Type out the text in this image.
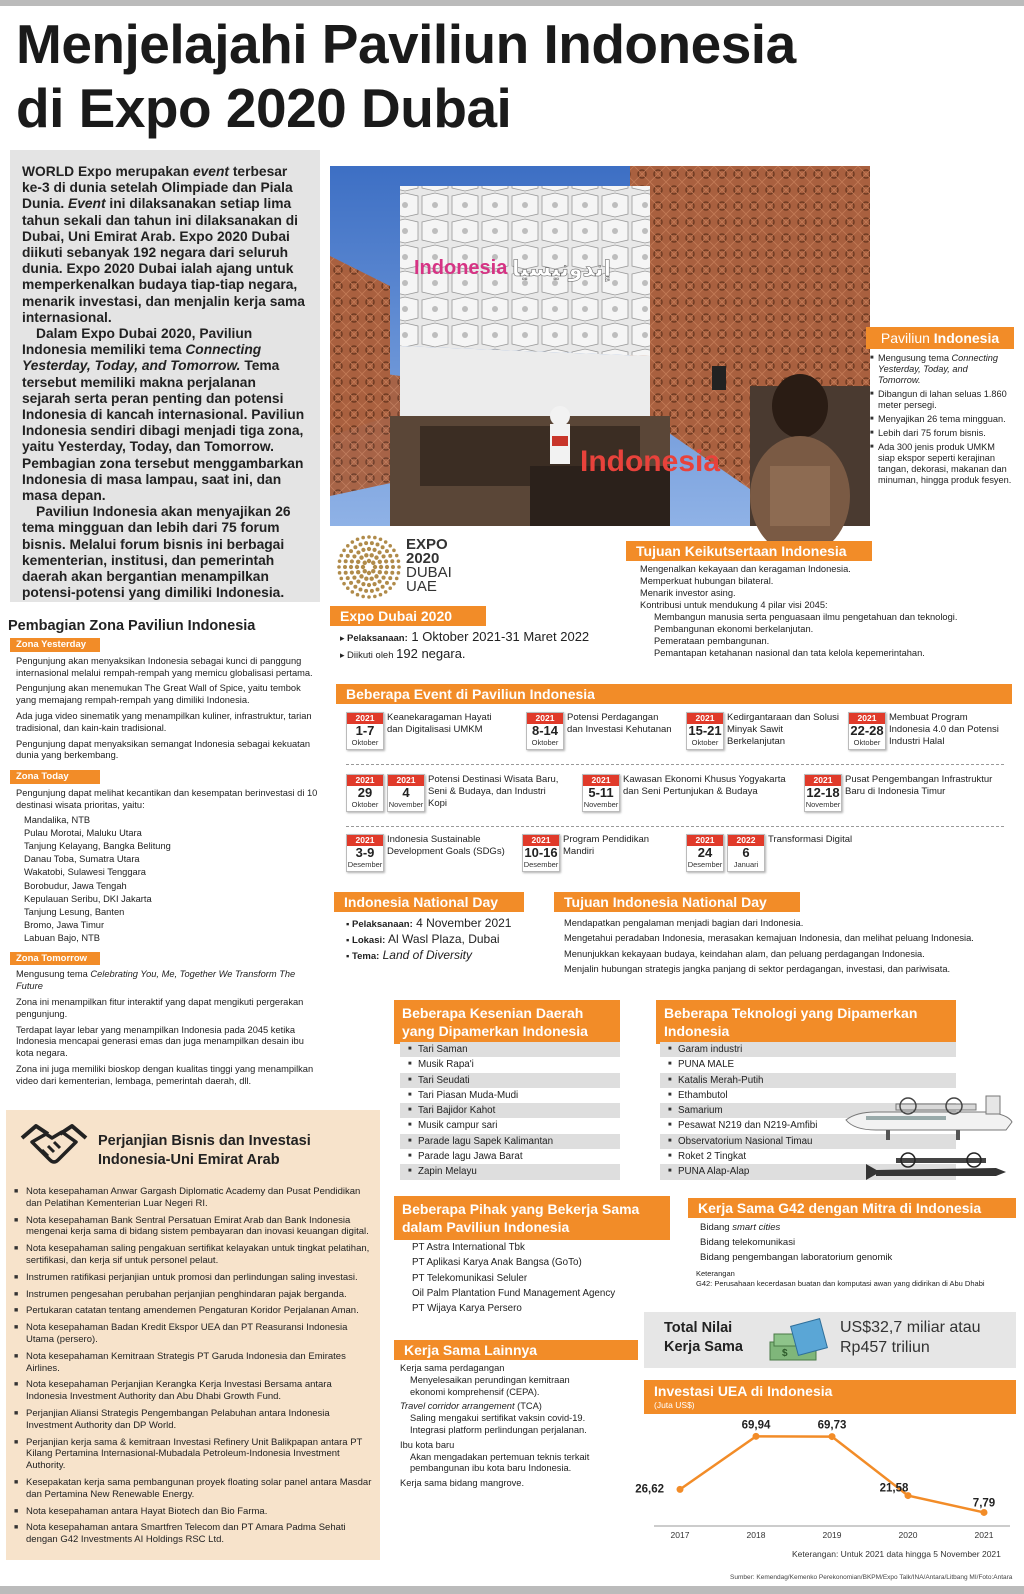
Menjelajahi Paviliun Indonesia
di Expo 2020 Dubai

WORLD Expo merupakan event terbesar ke-3 di dunia setelah Olimpiade dan Piala Dunia. Event ini dilaksanakan setiap lima tahun sekali dan tahun ini dilaksanakan di Dubai, Uni Emirat Arab. Expo 2020 Dubai diikuti sebanyak 192 negara dari seluruh dunia. Expo 2020 Dubai ialah ajang untuk memperkenalkan budaya tiap-tiap negara, menarik investasi, dan menjalin kerja sama internasional.

Dalam Expo Dubai 2020, Paviliun Indonesia memiliki tema Connecting Yesterday, Today, and Tomorrow. Tema tersebut memiliki makna perjalanan sejarah serta peran penting dan potensi Indonesia di kancah internasional. Paviliun Indonesia sendiri dibagi menjadi tiga zona, yaitu Yesterday, Today, dan Tomorrow. Pembagian zona tersebut menggambarkan Indonesia di masa lampau, saat ini, dan masa depan.

Paviliun Indonesia akan menyajikan 26 tema mingguan dan lebih dari 75 forum bisnis. Melalui forum bisnis ini berbagai kementerian, institusi, dan pemerintah daerah akan bergantian menampilkan potensi-potensi yang dimiliki Indonesia.

Indonesia إندونيسيا
Indonesia
Paviliun Indonesia
■ Mengusung tema Connecting Yesterday, Today, and Tomorrow.
■ Dibangun di lahan seluas 1.860 meter persegi.
■ Menyajikan 26 tema mingguan.
■ Lebih dari 75 forum bisnis.
■ Ada 300 jenis produk UMKM siap ekspor seperti kerajinan tangan, dekorasi, makanan dan minuman, hingga produk fesyen.
EXPO
2020
DUBAI
UAE
Expo Dubai 2020
▸ Pelaksanaan: 1 Oktober 2021-31 Maret 2022
▸ Diikuti oleh 192 negara.
Tujuan Keikutsertaan Indonesia
Mengenalkan kekayaan dan keragaman Indonesia.
Memperkuat hubungan bilateral.
Menarik investor asing.
Kontribusi untuk mendukung 4 pilar visi 2045:
Membangun manusia serta penguasaan ilmu pengetahuan dan teknologi.
Pembangunan ekonomi berkelanjutan.
Pemerataan pembangunan.
Pemantapan ketahanan nasional dan tata kelola kepemerintahan.
Pembagian Zona Paviliun Indonesia
Zona Yesterday
Pengunjung akan menyaksikan Indonesia sebagai kunci di panggung internasional melalui rempah-rempah yang memicu globalisasi pertama.
Pengunjung akan menemukan The Great Wall of Spice, yaitu tembok yang memajang rempah-rempah yang dimiliki Indonesia.
Ada juga video sinematik yang menampilkan kuliner, infrastruktur, tarian tradisional, dan kain-kain tradisional.
Pengunjung dapat menyaksikan semangat Indonesia sebagai kekuatan dunia yang berkembang.
Zona Today
Pengunjung dapat melihat kecantikan dan kesempatan berinvestasi di 10 destinasi wisata prioritas, yaitu:
Mandalika, NTB
Pulau Morotai, Maluku Utara
Tanjung Kelayang, Bangka Belitung
Danau Toba, Sumatra Utara
Wakatobi, Sulawesi Tenggara
Borobudur, Jawa Tengah
Kepulauan Seribu, DKI Jakarta
Tanjung Lesung, Banten
Bromo, Jawa Timur
Labuan Bajo, NTB
Zona Tomorrow
Mengusung tema Celebrating You, Me, Together We Transform The Future
Zona ini menampilkan fitur interaktif yang dapat mengikuti pergerakan pengunjung.
Terdapat layar lebar yang menampilkan Indonesia pada 2045 ketika Indonesia mencapai generasi emas dan juga menampilkan desain ibu kota negara.
Zona ini juga memiliki bioskop dengan kualitas tinggi yang menampilkan video dari kementerian, lembaga, pemerintah daerah, dll.
Beberapa Event di Paviliun Indonesia
2021
1-7
Oktober
Keanekaragaman Hayati dan Digitalisasi UMKM
2021
8-14
Oktober
Potensi Perdagangan dan Investasi Kehutanan
2021
15-21
Oktober
Kedirgantaraan dan Solusi Minyak Sawit Berkelanjutan
2021
22-28
Oktober
Membuat Program Indonesia 4.0 dan Potensi Industri Halal
2021
29
Oktober
2021
4
November
Potensi Destinasi Wisata Baru, Seni & Budaya, dan Industri Kopi
2021
5-11
November
Kawasan Ekonomi Khusus Yogyakarta dan Seni Pertunjukan & Budaya
2021
12-18
November
Pusat Pengembangan Infrastruktur Baru di Indonesia Timur
2021
3-9
Desember
Indonesia Sustainable Development Goals (SDGs)
2021
10-16
Desember
Program Pendidikan Mandiri
2021
24
Desember
2022
6
Januari
Transformasi Digital
Indonesia National Day
▪ Pelaksanaan: 4 November 2021
▪ Lokasi: Al Wasl Plaza, Dubai
▪ Tema: Land of Diversity
Tujuan Indonesia National Day
Mendapatkan pengalaman menjadi bagian dari Indonesia.
Mengetahui peradaban Indonesia, merasakan kemajuan Indonesia, dan melihat peluang Indonesia.
Menunjukkan kekayaan budaya, keindahan alam, dan peluang perdagangan Indonesia.
Menjalin hubungan strategis jangka panjang di sektor perdagangan, investasi, dan pariwisata.
Beberapa Kesenian Daerah yang Dipamerkan Indonesia
■ Tari Saman
■ Musik Rapa'i
■ Tari Seudati
■ Tari Piasan Muda-Mudi
■ Tari Bajidor Kahot
■ Musik campur sari
■ Parade lagu Sapek Kalimantan
■ Parade lagu Jawa Barat
■ Zapin Melayu
Beberapa Teknologi yang Dipamerkan Indonesia
■ Garam industri
■ PUNA MALE
■ Katalis Merah-Putih
■ Ethambutol
■ Samarium
■ Pesawat N219 dan N219-Amfibi
■ Observatorium Nasional Timau
■ Roket 2 Tingkat
■ PUNA Alap-Alap
Beberapa Pihak yang Bekerja Sama dalam Paviliun Indonesia
PT Astra International Tbk
PT Aplikasi Karya Anak Bangsa (GoTo)
PT Telekomunikasi Seluler
Oil Palm Plantation Fund Management Agency
PT Wijaya Karya Persero
Kerja Sama G42 dengan Mitra di Indonesia
Bidang smart cities
Bidang telekomunikasi
Bidang pengembangan laboratorium genomik
Keterangan
G42: Perusahaan kecerdasan buatan dan komputasi awan yang didirikan di Abu Dhabi
Total Nilai
Kerja Sama	$
US$32,7 miliar atau
Rp457 triliun
Kerja Sama Lainnya
Kerja sama perdagangan
Menyelesaikan perundingan kemitraan ekonomi komprehensif (CEPA).
Travel corridor arrangement (TCA)
Saling mengakui sertifikat vaksin covid-19.
Integrasi platform perlindungan perjalanan.
Ibu kota baru
Akan mengadakan pertemuan teknis terkait pembangunan ibu kota baru Indonesia.
Kerja sama bidang mangrove.
Investasi UEA di Indonesia
(Juta US$)
26,62
2017
69,94
2018
69,73
2019
21,58
2020
7,79
2021
Keterangan: Untuk 2021 data hingga 5 November 2021
Sumber: Kemendag/Kemenko Perekonomian/BKPM/Expo Talk/INA/Antara/Litbang MI/Foto:Antara
Perjanjian Bisnis dan Investasi
Indonesia-Uni Emirat Arab
■ Nota kesepahaman Anwar Gargash Diplomatic Academy dan Pusat Pendidikan dan Pelatihan Kementerian Luar Negeri RI.
■ Nota kesepahaman Bank Sentral Persatuan Emirat Arab dan Bank Indonesia mengenai kerja sama di bidang sistem pembayaran dan inovasi keuangan digital.
■ Nota kesepahaman saling pengakuan sertifikat kelayakan untuk tingkat pelatihan, sertifikasi, dan kerja sif untuk personel pelaut.
■ Instrumen ratifikasi perjanjian untuk promosi dan perlindungan saling investasi.
■ Instrumen pengesahan perubahan perjanjian penghindaran pajak berganda.
■ Pertukaran catatan tentang amendemen Pengaturan Koridor Perjalanan Aman.
■ Nota kesepahaman Badan Kredit Ekspor UEA dan PT Reasuransi Indonesia Utama (persero).
■ Nota kesepahaman Kemitraan Strategis PT Garuda Indonesia dan Emirates Airlines.
■ Nota kesepahaman Perjanjian Kerangka Kerja Investasi Bersama antara Indonesia Investment Authority dan Abu Dhabi Growth Fund.
■ Perjanjian Aliansi Strategis Pengembangan Pelabuhan antara Indonesia Investment Authority dan DP World.
■ Perjanjian kerja sama & kemitraan Investasi Refinery Unit Balikpapan antara PT Kilang Pertamina Internasional-Mubadala Petroleum-Indonesia Investment Authority.
■ Kesepakatan kerja sama pembangunan proyek floating solar panel antara Masdar dan Pertamina New Renewable Energy.
■ Nota kesepahaman antara Hayat Biotech dan Bio Farma.
■ Nota kesepahaman antara Smartfren Telecom dan PT Amara Padma Sehati dengan G42 Investments AI Holdings RSC Ltd.
